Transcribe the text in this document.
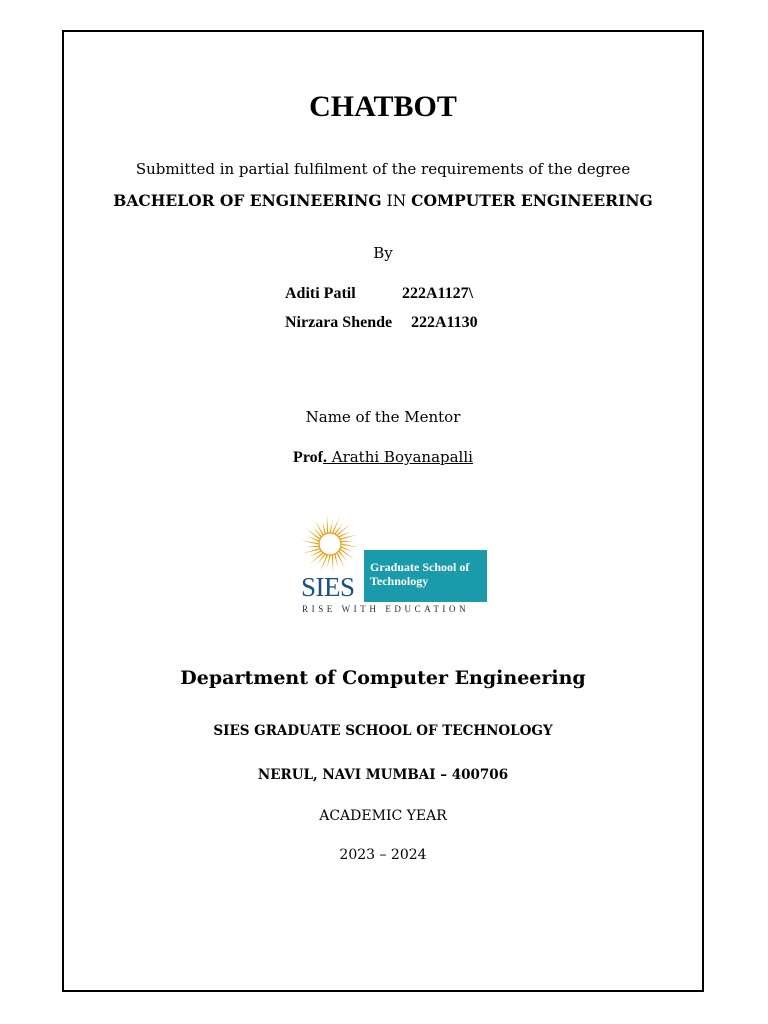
CHATBOT
Submitted in partial fulfilment of the requirements of the degree
BACHELOR OF ENGINEERING IN COMPUTER ENGINEERING
By
Aditi Patil	222A1127\
Nirzara Shende 222A1130
Name of the Mentor
Prof. Arathi Boyanapalli
SIES
Graduate School of
Technology
RISE WITH EDUCATION
Department of Computer Engineering
SIES GRADUATE SCHOOL OF TECHNOLOGY
NERUL, NAVI MUMBAI – 400706
ACADEMIC YEAR
2023 – 2024
